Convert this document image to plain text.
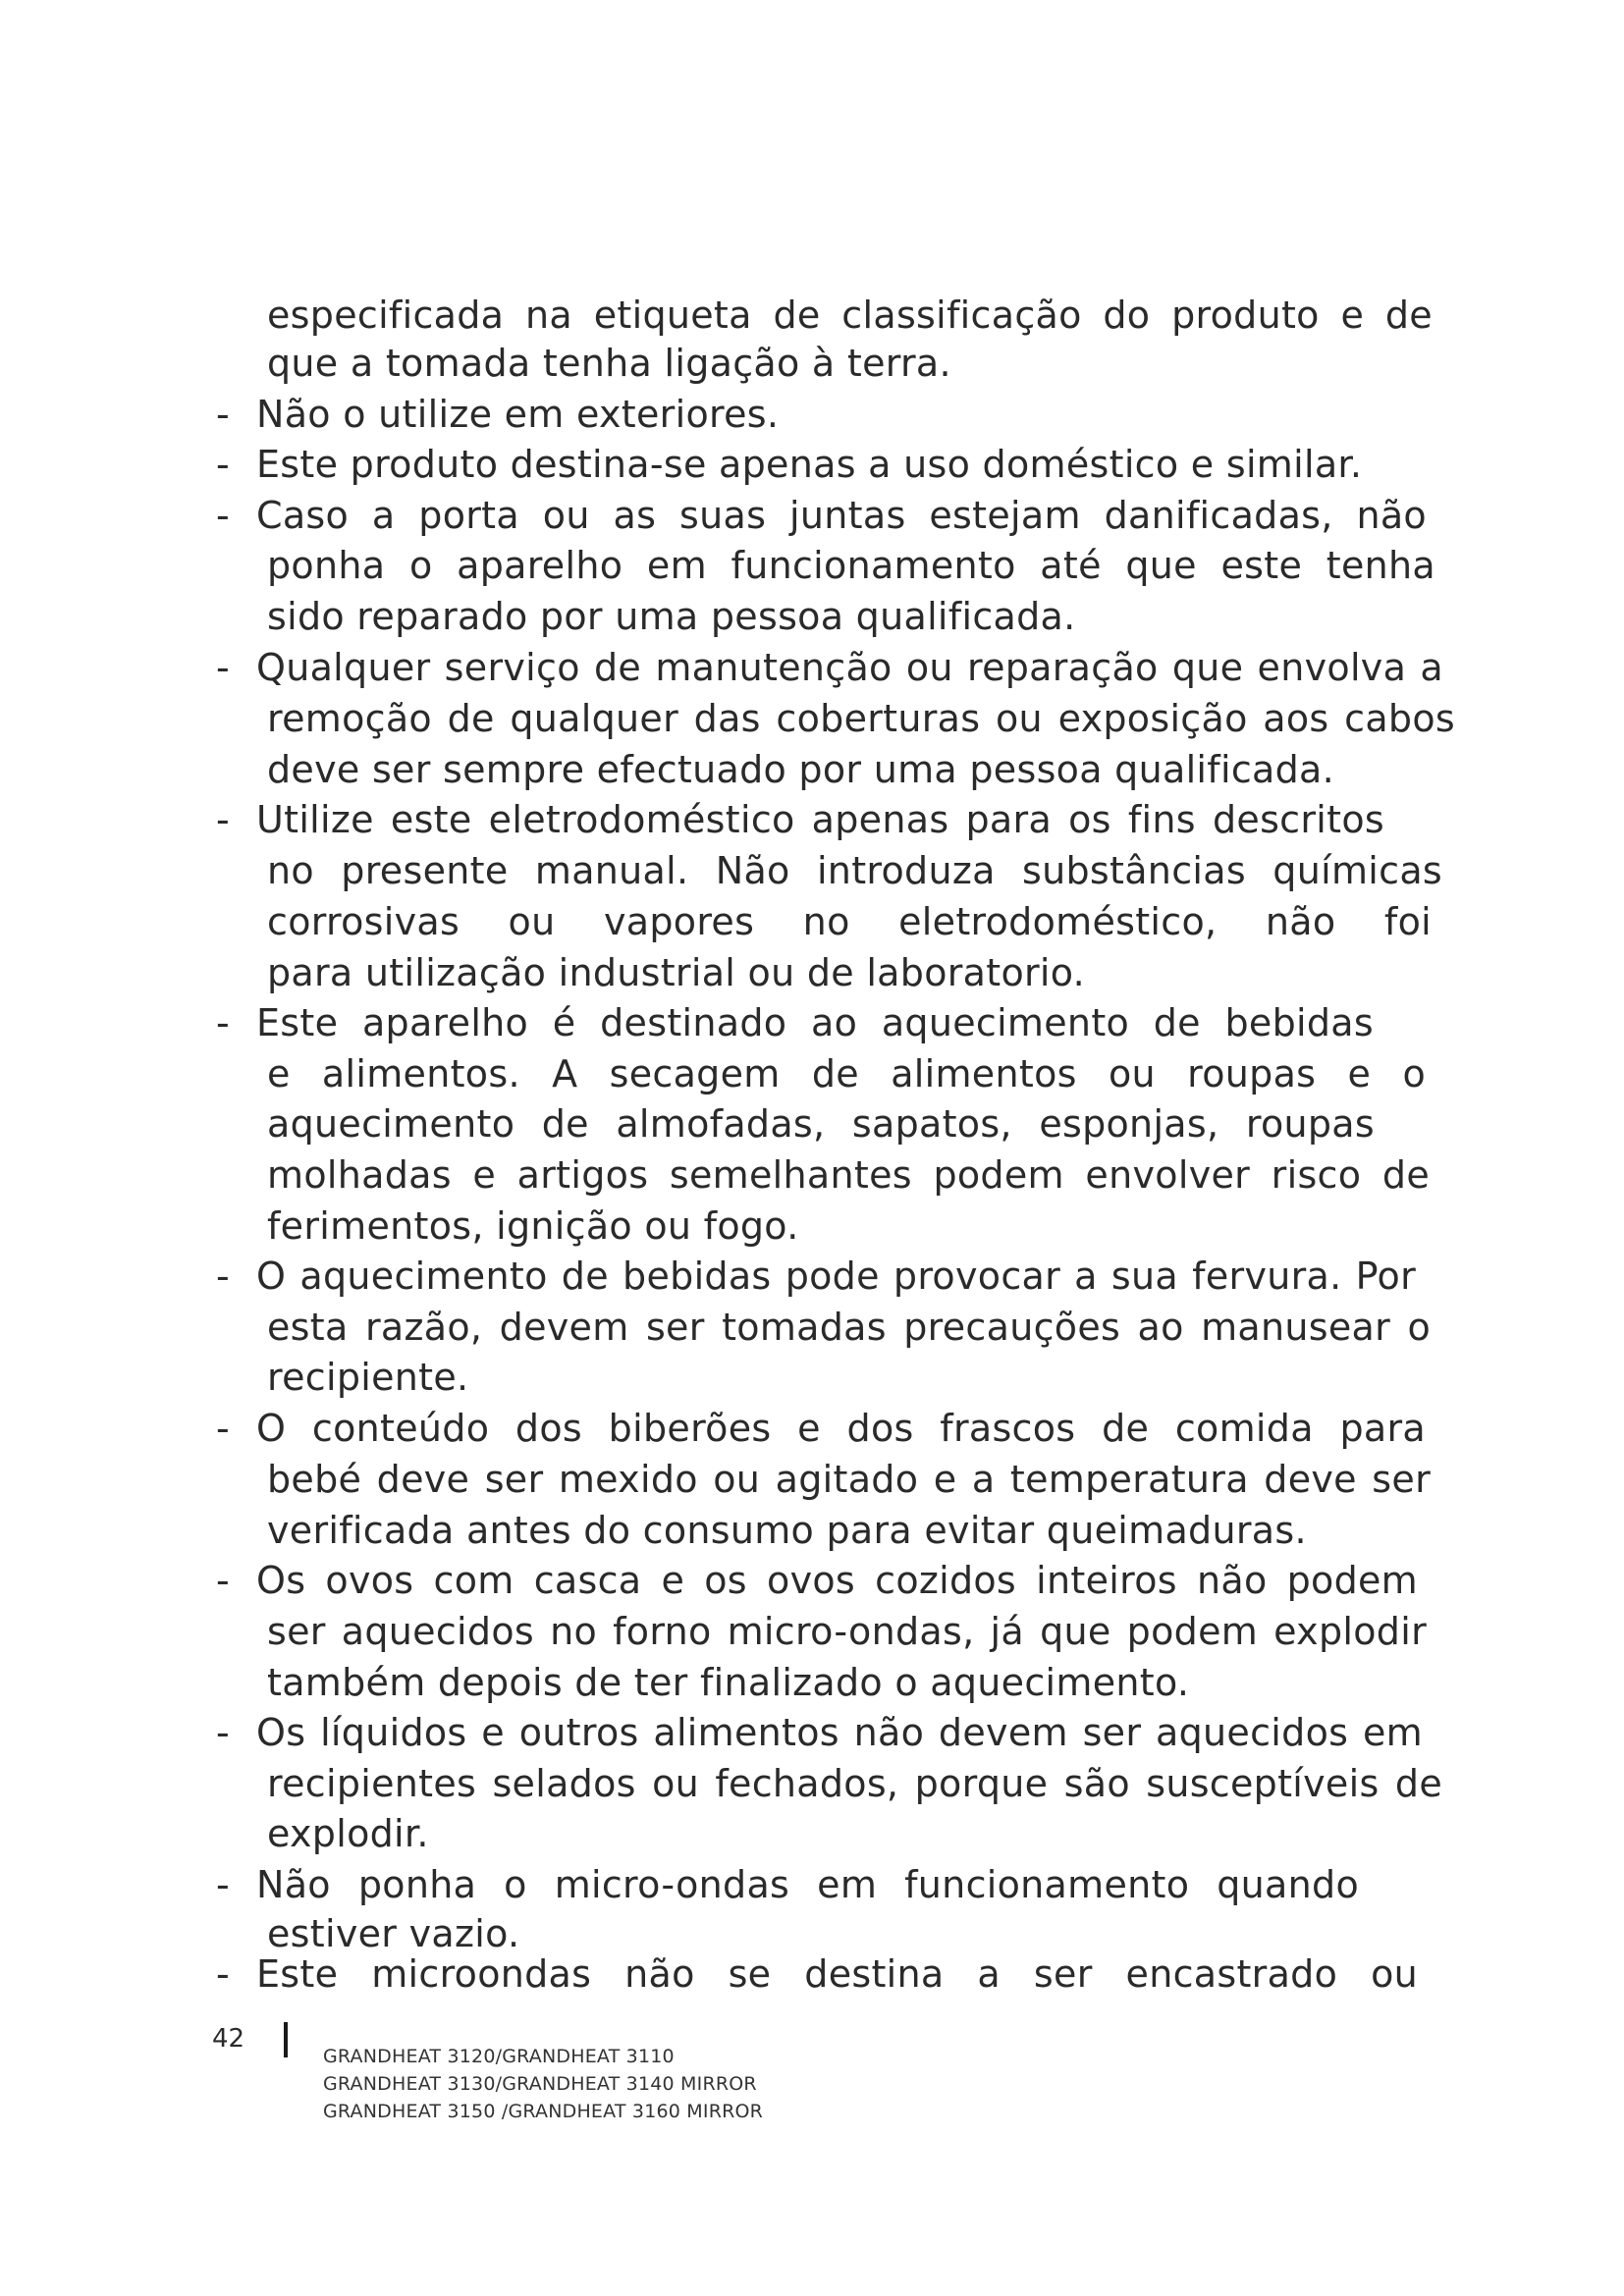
especificada na etiqueta de classificação do produto e de
que a tomada tenha ligação à terra.
- Não o utilize em exteriores.
- Este produto destina-se apenas a uso doméstico e similar.
- Caso a porta ou as suas juntas estejam danificadas, não
ponha o aparelho em funcionamento até que este tenha
sido reparado por uma pessoa qualificada.
- Qualquer serviço de manutenção ou reparação que envolva a
remoção de qualquer das coberturas ou exposição aos cabos
deve ser sempre efectuado por uma pessoa qualificada.
- Utilize este eletrodoméstico apenas para os fins descritos
no presente manual. Não introduza substâncias químicas
corrosivas ou vapores no eletrodoméstico, não foi
para utilização industrial ou de laboratorio.
- Este aparelho é destinado ao aquecimento de bebidas
e alimentos. A secagem de alimentos ou roupas e o
aquecimento de almofadas, sapatos, esponjas, roupas
molhadas e artigos semelhantes podem envolver risco de
ferimentos, ignição ou fogo.
- O aquecimento de bebidas pode provocar a sua fervura. Por
esta razão, devem ser tomadas precauções ao manusear o
recipiente.
- O conteúdo dos biberões e dos frascos de comida para
bebé deve ser mexido ou agitado e a temperatura deve ser
verificada antes do consumo para evitar queimaduras.
- Os ovos com casca e os ovos cozidos inteiros não podem
ser aquecidos no forno micro-ondas, já que podem explodir
também depois de ter finalizado o aquecimento.
- Os líquidos e outros alimentos não devem ser aquecidos em
recipientes selados ou fechados, porque são susceptíveis de
explodir.
- Não ponha o micro-ondas em funcionamento quando
estiver vazio.
- Este microondas não se destina a ser encastrado ou
42
GRANDHEAT 3120/GRANDHEAT 3110
GRANDHEAT 3130/GRANDHEAT 3140 MIRROR
GRANDHEAT 3150 /GRANDHEAT 3160 MIRROR
